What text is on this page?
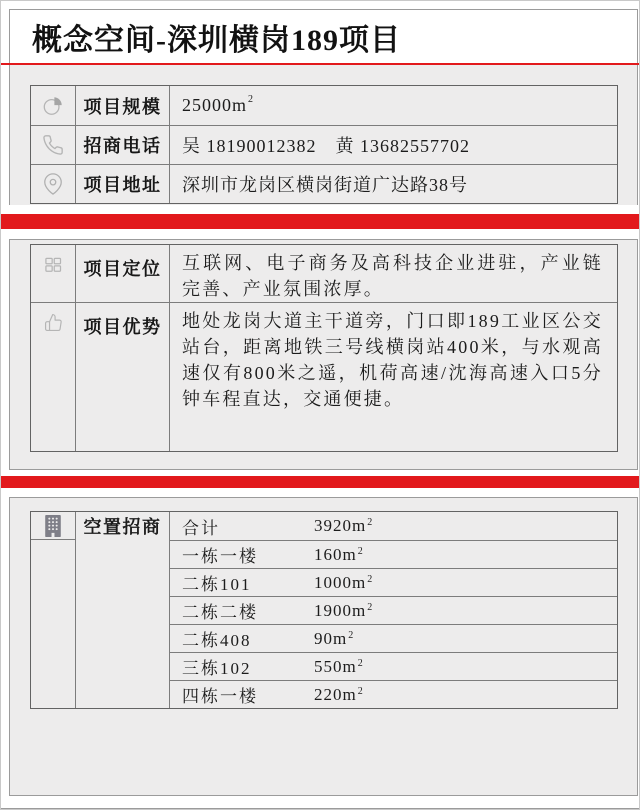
概念空间-深圳横岗189项目
项目规模	25000 m 2
招商电话	吴 18190012382　黄 13682557702
项目地址	深圳市龙岗区横岗街道广达路38号
项目定位	互联网、电子商务及高科技企业进驻，产业链完善、产业氛围浓厚。
项目优势	地处龙岗大道主干道旁，门口即189工业区公交站台，距离地铁三号线横岗站400米，与水观高速仅有800米之遥，机荷高速/沈海高速入口5分钟车程直达，交通便捷。
空置招商	合计	$3920m^2$
一栋一楼	$160m^2$
二栋101	$1000m^2$
二栋二楼	$1900m^2$
二栋408	$90m^2$
三栋102	$550m^2$
四栋一楼	$220m^2$
